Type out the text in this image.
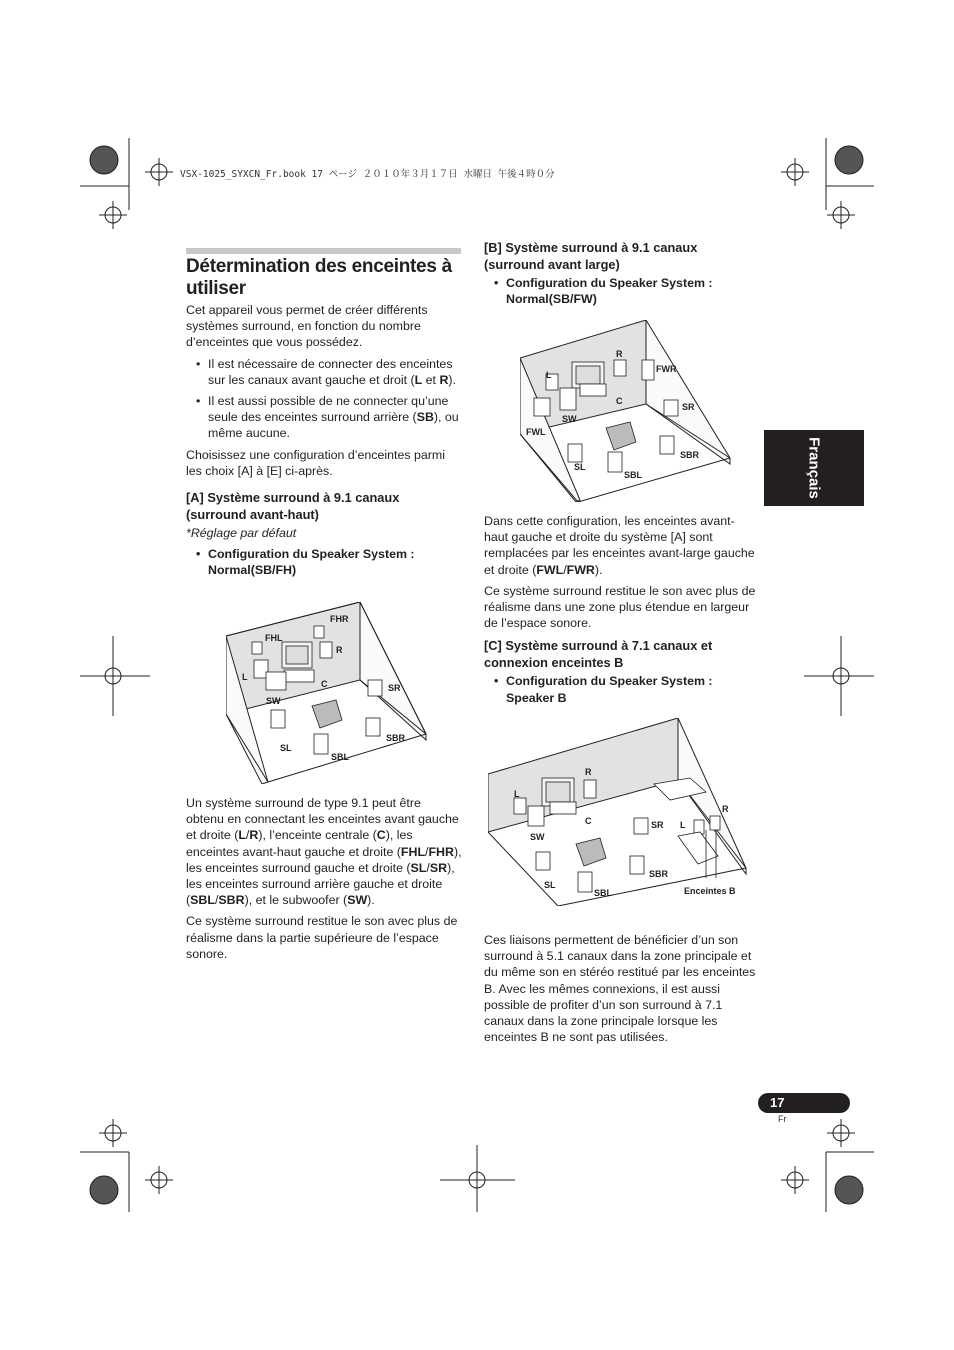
VSX-1025_SYXCN_Fr.book 17 ページ ２０１０年３月１７日 水曜日 午後４時０分
Détermination des enceintes à utiliser

Cet appareil vous permet de créer différents systèmes surround, en fonction du nombre d’enceintes que vous possédez.

• Il est nécessaire de connecter des enceintes sur les canaux avant gauche et droit (L et R).
• Il est aussi possible de ne connecter qu’une seule des enceintes surround arrière (SB), ou même aucune.

Choisissez une configuration d’enceintes parmi les choix [A] à [E] ci-après.

[A] Système surround à 9.1 canaux (surround avant-haut)

*Réglage par défaut

• Configuration du Speaker System : Normal(SB/FH)
FHL
FHR
L
R
C
SW
SR
SL
SBL
SBR

Un système surround de type 9.1 peut être obtenu en connectant les enceintes avant gauche et droite (L/R), l’enceinte centrale (C), les enceintes avant-haut gauche et droite (FHL/FHR), les enceintes surround gauche et droite (SL/SR), les enceintes surround arrière gauche et droite (SBL/SBR), et le subwoofer (SW).

Ce système surround restitue le son avec plus de réalisme dans la partie supérieure de l’espace sonore.

[B] Système surround à 9.1 canaux (surround avant large)
• Configuration du Speaker System : Normal(SB/FW)
R
L
FWR
C
SR
SW
FWL
SBR
SL
SBL

Dans cette configuration, les enceintes avant-haut gauche et droite du système [A] sont remplacées par les enceintes avant-large gauche et droite (FWL/FWR).

Ce système surround restitue le son avec plus de réalisme dans une zone plus étendue en largeur de l’espace sonore.

[C] Système surround à 7.1 canaux et connexion enceintes B
• Configuration du Speaker System : Speaker B
R
L
C
SW
SR L
R
SL
SBR
SBL	Enceintes B

Ces liaisons permettent de bénéficier d’un son surround à 5.1 canaux dans la zone principale et du même son en stéréo restitué par les enceintes B. Avec les mêmes connexions, il est aussi possible de profiter d’un son surround à 7.1 canaux dans la zone principale lorsque les enceintes B ne sont pas utilisées.

Français
17
Fr
